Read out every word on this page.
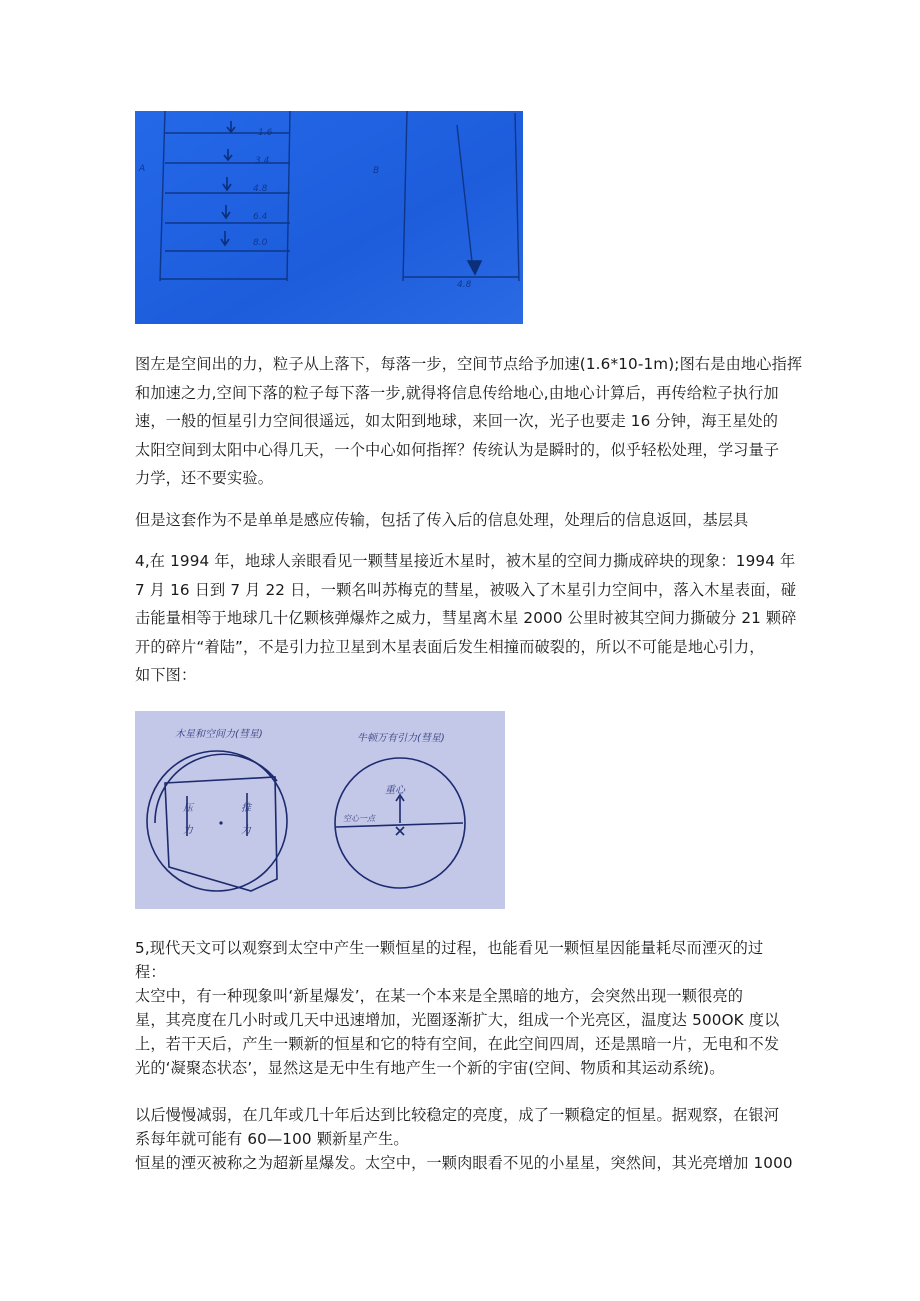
1.6
3.4
4.8
6.4
8.0
A	B
4.8

图左是空间出的力，粒子从上落下，每落一步，空间节点给予加速(1.6*10-1m);图右是由地心指挥
和加速之力,空间下落的粒子每下落一步,就得将信息传给地心,由地心计算后，再传给粒子执行加
速，一般的恒星引力空间很遥远，如太阳到地球，来回一次，光子也要走 16 分钟，海王星处的
太阳空间到太阳中心得几天，一个中心如何指挥？传统认为是瞬时的，似乎轻松处理，学习量子
力学，还不要实验。

但是这套作为不是单单是感应传输，包括了传入后的信息处理，处理后的信息返回，基层具

4,在 1994 年，地球人亲眼看见一颗彗星接近木星时，被木星的空间力撕成碎块的现象：1994 年
7 月 16 日到 7 月 22 日，一颗名叫苏梅克的彗星，被吸入了木星引力空间中，落入木星表面，碰
击能量相等于地球几十亿颗核弹爆炸之威力，彗星离木星 2000 公里时被其空间力撕破分 21 颗碎
开的碎片“着陆”，不是引力拉卫星到木星表面后发生相撞而破裂的，所以不可能是地心引力，
如下图：

木星和空间力(彗星)	牛顿万有引力(彗星)
压
力
推
力
重心
空心一点

5,现代天文可以观察到太空中产生一颗恒星的过程，也能看见一颗恒星因能量耗尽而湮灭的过
程：
太空中，有一种现象叫‘新星爆发’，在某一个本来是全黑暗的地方，会突然出现一颗很亮的
星，其亮度在几小时或几天中迅速增加，光圈逐渐扩大，组成一个光亮区，温度达 500OK 度以
上，若干天后，产生一颗新的恒星和它的特有空间，在此空间四周，还是黑暗一片，无电和不发
光的‘凝聚态状态’，显然这是无中生有地产生一个新的宇宙(空间、物质和其运动系统)。

以后慢慢减弱，在几年或几十年后达到比较稳定的亮度，成了一颗稳定的恒星。据观察，在银河
系每年就可能有 60—100 颗新星产生。
恒星的湮灭被称之为超新星爆发。太空中，一颗肉眼看不见的小星星，突然间，其光亮增加 1000
